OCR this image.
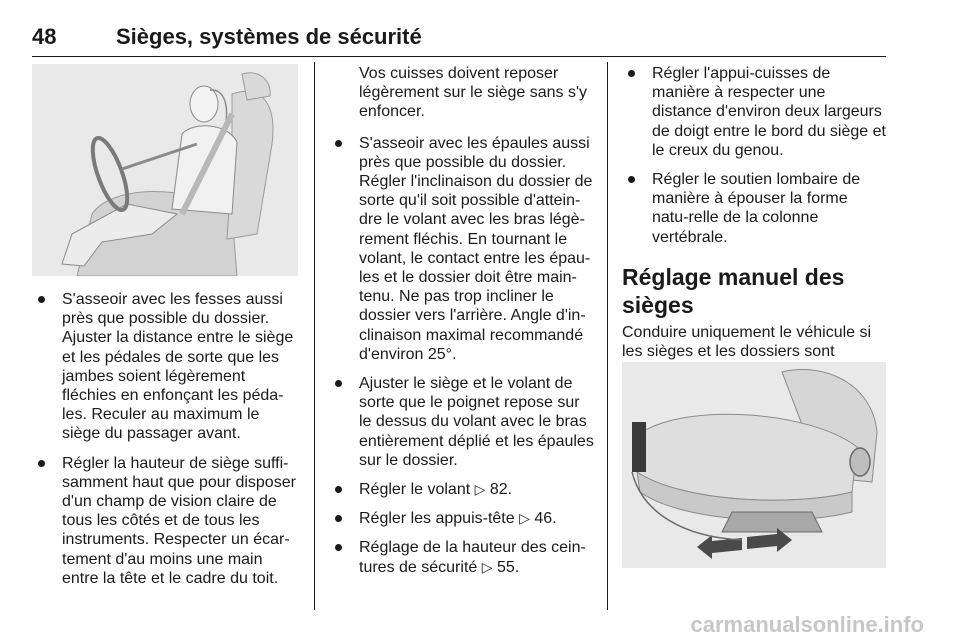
48	Sièges, systèmes de sécurité
S'asseoir avec les fesses aussi près que possible du dossier. Ajuster la distance entre le siège et les pédales de sorte que les jambes soient légèrement fléchies en enfonçant les péda-les. Reculer au maximum le siège du passager avant.
Régler la hauteur de siège suffi-samment haut que pour disposer d'un champ de vision claire de tous les côtés et de tous les instruments. Respecter un écar-tement d'au moins une main entre la tête et le cadre du toit.
Vos cuisses doivent reposer légèrement sur le siège sans s'y enfoncer.
S'asseoir avec les épaules aussi près que possible du dossier. Régler l'inclinaison du dossier de sorte qu'il soit possible d'attein-dre le volant avec les bras légè-rement fléchis. En tournant le volant, le contact entre les épau-les et le dossier doit être main-tenu. Ne pas trop incliner le dossier vers l'arrière. Angle d'in-clinaison maximal recommandé d'environ 25°.
Ajuster le siège et le volant de sorte que le poignet repose sur le dessus du volant avec le bras entièrement déplié et les épaules sur le dossier.
Régler le volant ▷ 82.
Régler les appuis-tête ▷ 46.
Réglage de la hauteur des cein-tures de sécurité ▷ 55.
Régler l'appui-cuisses de manière à respecter une distance d'environ deux largeurs de doigt entre le bord du siège et le creux du genou.
Régler le soutien lombaire de manière à épouser la forme natu-relle de la colonne vertébrale.
Réglage manuel des sièges
Conduire uniquement le véhicule si les sièges et les dossiers sont
carmanualsonline.info
